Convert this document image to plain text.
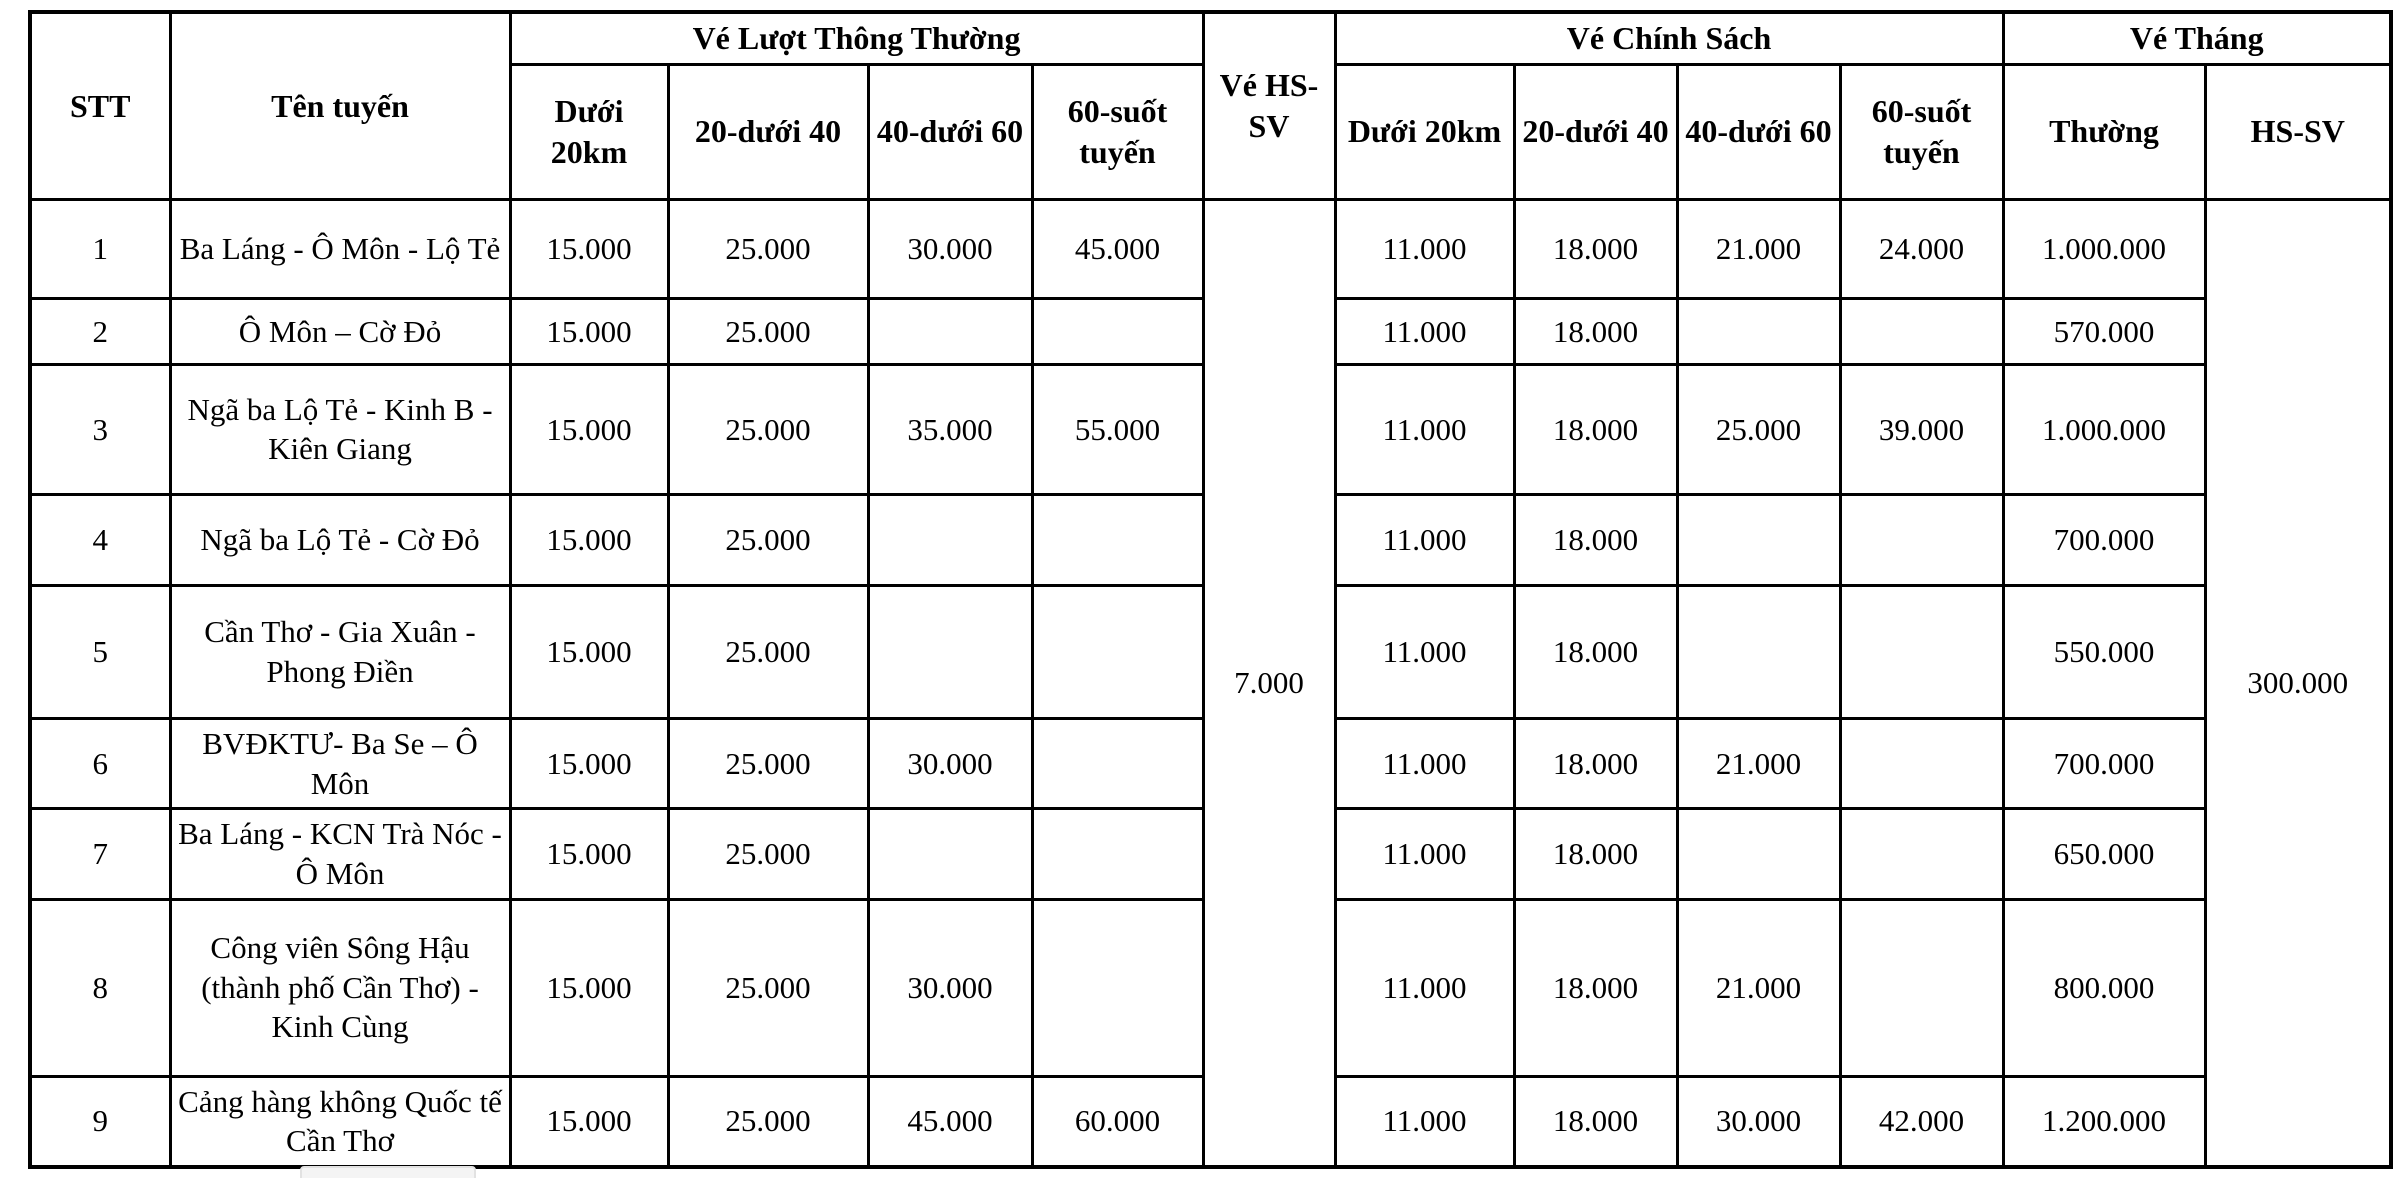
STT	Tên tuyến	Vé Lượt Thông Thường				Vé HS-SV	Vé Chính Sách				Vé Tháng	
		Dưới 20km	20-dưới 40	40-dưới 60	60-suốt tuyến		Dưới 20km	20-dưới 40	40-dưới 60	60-suốt tuyến	Thường	HS-SV
1	Ba Láng - Ô Môn - Lộ Tẻ	15.000	25.000	30.000	45.000	7.000	11.000	18.000	21.000	24.000	1.000.000	300.000
2	Ô Môn – Cờ Đỏ	15.000	25.000				11.000	18.000			570.000	
3	Ngã ba Lộ Tẻ - Kinh B - Kiên Giang	15.000	25.000	35.000	55.000		11.000	18.000	25.000	39.000	1.000.000	
4	Ngã ba Lộ Tẻ - Cờ Đỏ	15.000	25.000				11.000	18.000			700.000	
5	Cần Thơ - Gia Xuân - Phong Điền	15.000	25.000				11.000	18.000			550.000	
6	BVĐKTƯ- Ba Se – Ô Môn	15.000	25.000	30.000			11.000	18.000	21.000		700.000	
7	Ba Láng - KCN Trà Nóc - Ô Môn	15.000	25.000				11.000	18.000			650.000	
8	Công viên Sông Hậu (thành phố Cần Thơ) - Kinh Cùng	15.000	25.000	30.000			11.000	18.000	21.000		800.000	
9	Cảng hàng không Quốc tế Cần Thơ	15.000	25.000	45.000	60.000		11.000	18.000	30.000	42.000	1.200.000	
